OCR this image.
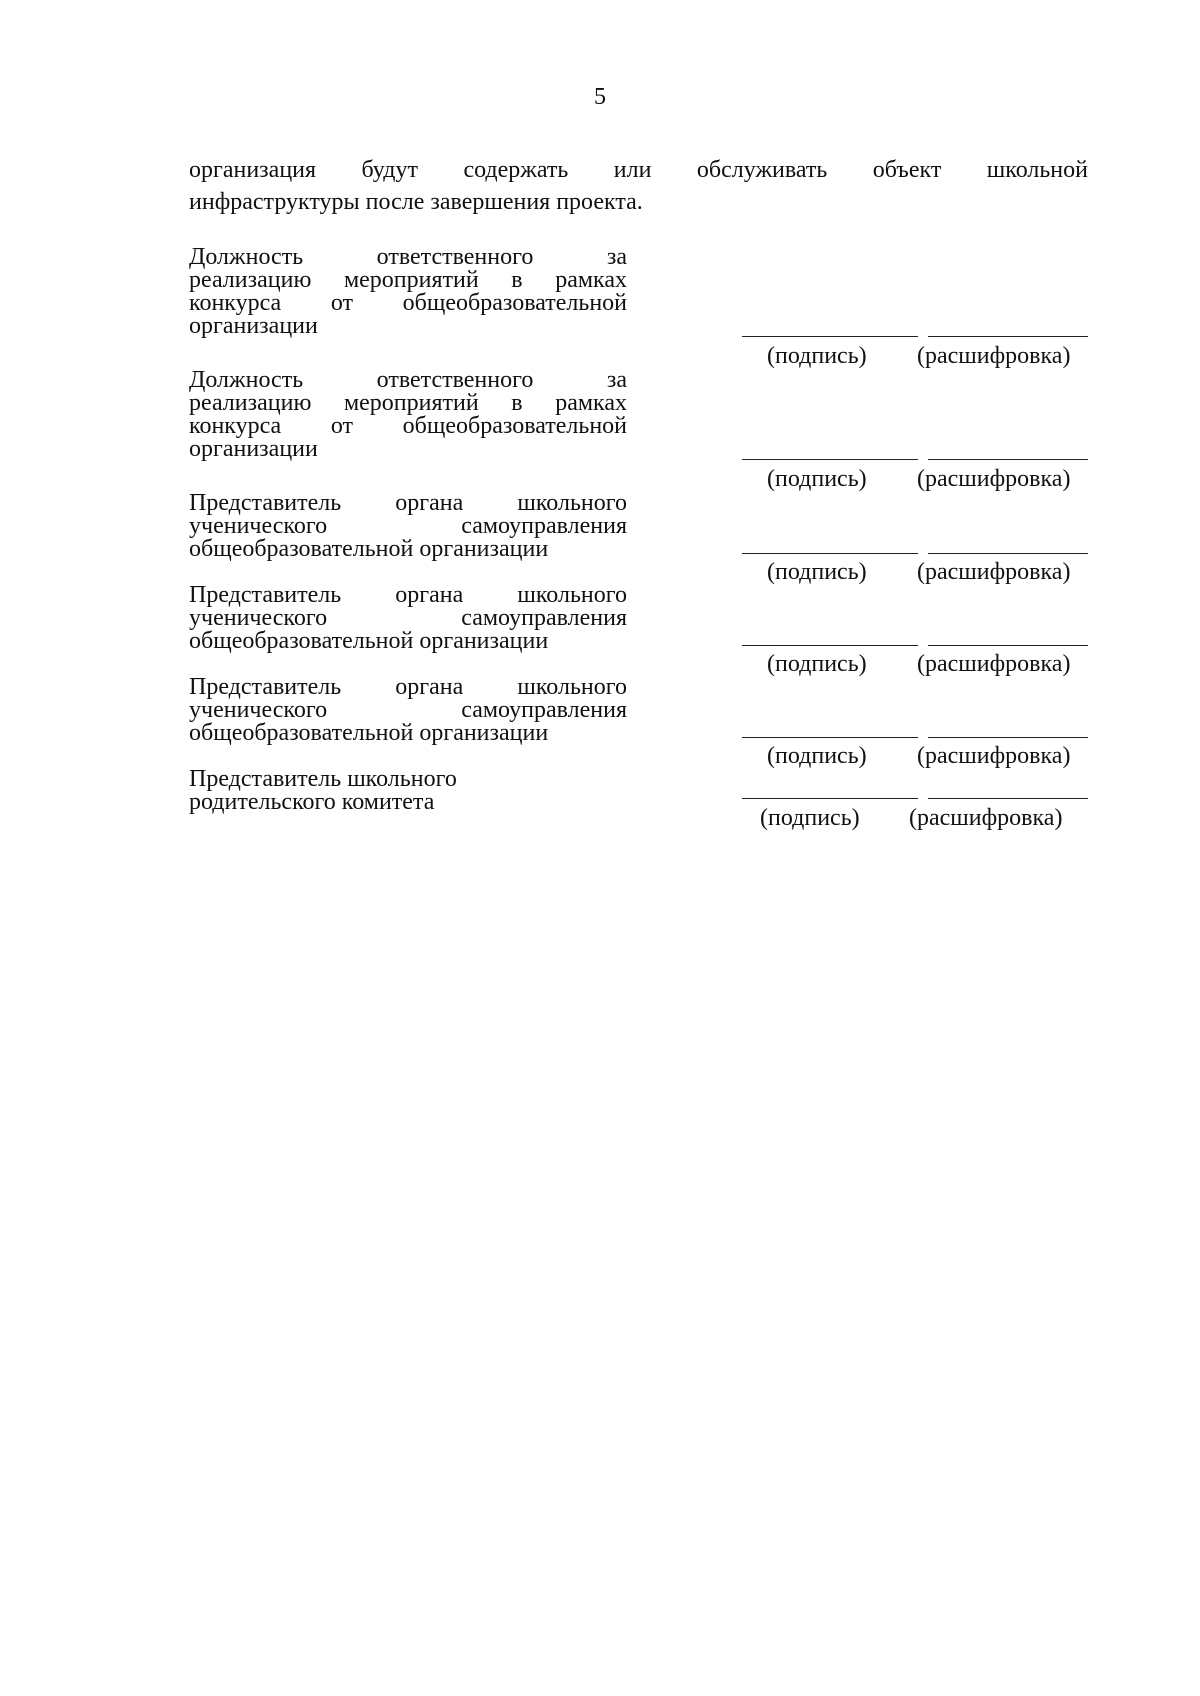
5
организация будут содержать или обслуживать объект школьной
инфраструктуры после завершения проекта.
Должность ответственного за
реализацию мероприятий в рамках
конкурса от общеобразовательной
организации
(подпись) (расшифровка)
Должность ответственного за
реализацию мероприятий в рамках
конкурса от общеобразовательной
организации
(подпись) (расшифровка)
Представитель органа школьного
ученического самоуправления
общеобразовательной организации
(подпись) (расшифровка)
Представитель органа школьного
ученического самоуправления
общеобразовательной организации
(подпись) (расшифровка)
Представитель органа школьного
ученического самоуправления
общеобразовательной организации
(подпись) (расшифровка)
Представитель школьного
родительского комитета
(подпись) (расшифровка)
